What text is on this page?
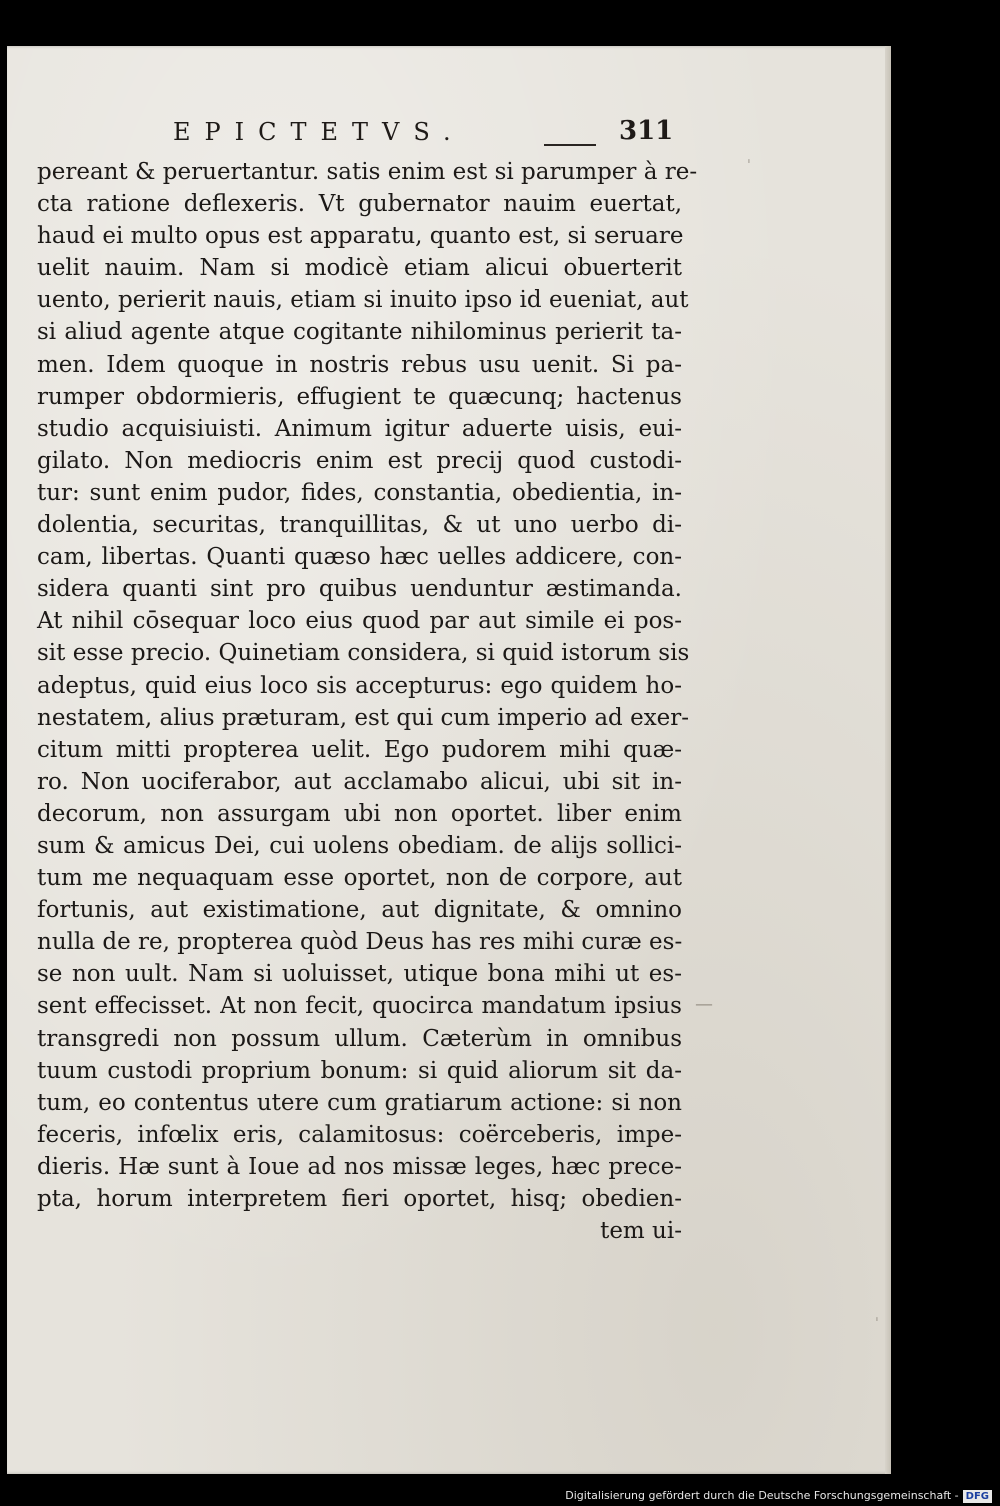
EPICTETVS.	311
pereant & peruertantur. satis enim est si parumper à re-
cta ratione deflexeris. Vt gubernator nauim euertat,
haud ei multo opus est apparatu, quanto est, si seruare
uelit nauim. Nam si modicè etiam alicui obuerterit
uento, perierit nauis, etiam si inuito ipso id eueniat, aut
si aliud agente atque cogitante nihilominus perierit ta-
men. Idem quoque in nostris rebus usu uenit. Si pa-
rumper obdormieris, effugient te quæcunq; hactenus
studio acquisiuisti. Animum igitur aduerte uisis, eui-
gilato. Non mediocris enim est precij quod custodi-
tur: sunt enim pudor, fides, constantia, obedientia, in-
dolentia, securitas, tranquillitas, & ut uno uerbo di-
cam, libertas. Quanti quæso hæc uelles addicere, con-
sidera quanti sint pro quibus uenduntur æstimanda.
At nihil cōsequar loco eius quod par aut simile ei pos-
sit esse precio. Quinetiam considera, si quid istorum sis
adeptus, quid eius loco sis accepturus: ego quidem ho-
nestatem, alius præturam, est qui cum imperio ad exer-
citum mitti propterea uelit. Ego pudorem mihi quæ-
ro. Non uociferabor, aut acclamabo alicui, ubi sit in-
decorum, non assurgam ubi non oportet. liber enim
sum & amicus Dei, cui uolens obediam. de alijs sollici-
tum me nequaquam esse oportet, non de corpore, aut
fortunis, aut existimatione, aut dignitate, & omnino
nulla de re, propterea quòd Deus has res mihi curæ es-
se non uult. Nam si uoluisset, utique bona mihi ut es-
sent effecisset. At non fecit, quocirca mandatum ipsius
transgredi non possum ullum. Cæterùm in omnibus
tuum custodi proprium bonum: si quid aliorum sit da-
tum, eo contentus utere cum gratiarum actione: si non
feceris, infœlix eris, calamitosus: coërceberis, impe-
dieris. Hæ sunt à Ioue ad nos missæ leges, hæc prece-
pta, horum interpretem fieri oportet, hisq; obedien-
tem ui-
ˈ
—
ˈ
Digitalisierung gefördert durch die Deutsche Forschungsgemeinschaft - DFG
